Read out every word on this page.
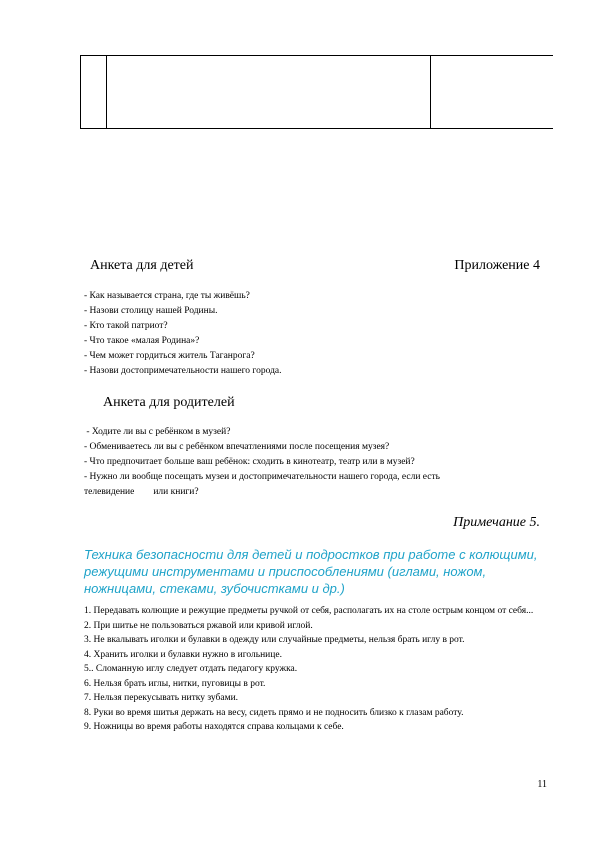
Анкета для детей	Приложение 4
- Как называется страна, где ты живёшь?
- Назови столицу нашей Родины.
- Кто такой патриот?
- Что такое «малая Родина»?
- Чем может гордиться житель Таганрога?
- Назови достопримечательности нашего города.
Анкета для родителей
- Ходите ли вы с ребёнком в музей?
- Обмениваетесь ли вы с ребёнком впечатлениями после посещения музея?
- Что предпочитает больше ваш ребёнок: сходить в кинотеатр, театр или в музей?
- Нужно ли вообще посещать музеи и достопримечательности нашего города, если есть
телевидение        или книги?
Примечание 5.
Техника безопасности для детей и подростков при работе с колющими, режущими инструментами и приспособлениями (иглами, ножом, ножницами, стеками, зубочистками и др.)
1. Передавать колющие и режущие предметы ручкой от себя, располагать их на столе острым концом от себя...
2. При шитье не пользоваться ржавой или кривой иглой.
3. Не вкалывать иголки и булавки в одежду или случайные предметы, нельзя брать иглу в рот.
4. Хранить иголки и булавки нужно в игольнице.
5.. Сломанную иглу следует отдать педагогу кружка.
6. Нельзя брать иглы, нитки, пуговицы в рот.
7. Нельзя перекусывать нитку зубами.
8. Руки во время шитья держать на весу, сидеть прямо и не подносить близко к глазам работу.
9. Ножницы во время работы находятся справа кольцами к себе.
11
